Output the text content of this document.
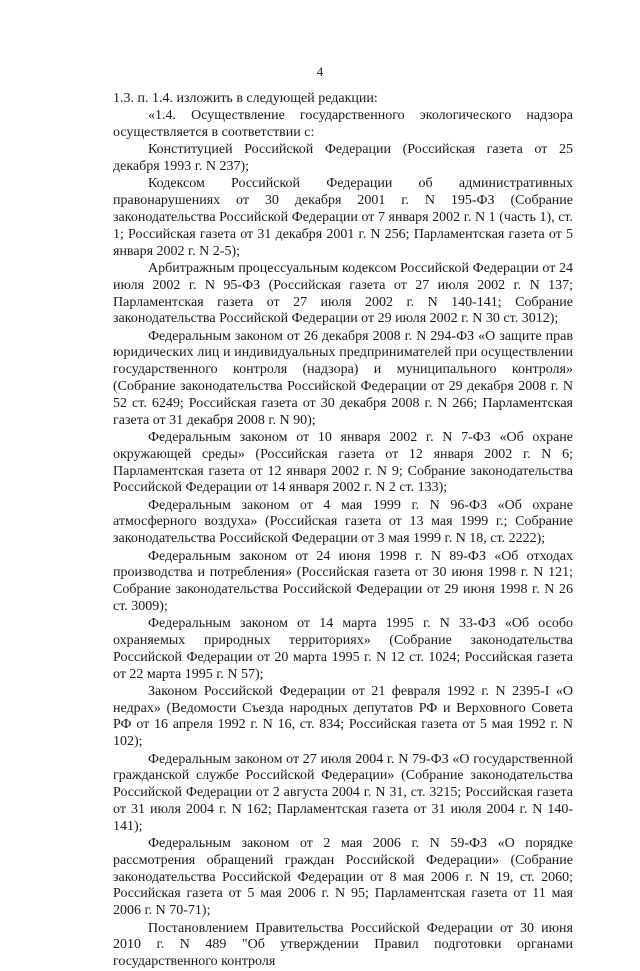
4

1.3. п. 1.4. изложить в следующей редакции:

«1.4. Осуществление государственного экологического надзора осуществляется в соответствии с:

Конституцией Российской Федерации (Российская газета от 25 декабря 1993 г. N 237);

Кодексом Российской Федерации об административных правонарушениях от 30 декабря 2001 г. N 195-ФЗ (Собрание законодательства Российской Федерации от 7 января 2002 г. N 1 (часть 1), ст. 1; Российская газета от 31 декабря 2001 г. N 256; Парламентская газета от 5 января 2002 г. N 2-5);

Арбитражным процессуальным кодексом Российской Федерации от 24 июля 2002 г. N 95-ФЗ (Российская газета от 27 июля 2002 г. N 137; Парламентская газета от 27 июля 2002 г. N 140-141; Собрание законодательства Российской Федерации от 29 июля 2002 г. N 30 ст. 3012);

Федеральным законом от 26 декабря 2008 г. N 294-ФЗ «О защите прав юридических лиц и индивидуальных предпринимателей при осуществлении государственного контроля (надзора) и муниципального контроля» (Собрание законодательства Российской Федерации от 29 декабря 2008 г. N 52 ст. 6249; Российская газета от 30 декабря 2008 г. N 266; Парламентская газета от 31 декабря 2008 г. N 90);

Федеральным законом от 10 января 2002 г. N 7-ФЗ «Об охране окружающей среды» (Российская газета от 12 января 2002 г. N 6; Парламентская газета от 12 января 2002 г. N 9; Собрание законодательства Российской Федерации от 14 января 2002 г. N 2 ст. 133);

Федеральным законом от 4 мая 1999 г. N 96-ФЗ «Об охране атмосферного воздуха» (Российская газета от 13 мая 1999 г.; Собрание законодательства Российской Федерации от 3 мая 1999 г. N 18, ст. 2222);

Федеральным законом от 24 июня 1998 г. N 89-ФЗ «Об отходах производства и потребления» (Российская газета от 30 июня 1998 г. N 121; Собрание законодательства Российской Федерации от 29 июня 1998 г. N 26 ст. 3009);

Федеральным законом от 14 марта 1995 г. N 33-ФЗ «Об особо охраняемых природных территориях» (Собрание законодательства Российской Федерации от 20 марта 1995 г. N 12 ст. 1024; Российская газета от 22 марта 1995 г. N 57);

Законом Российской Федерации от 21 февраля 1992 г. N 2395-I «О недрах» (Ведомости Съезда народных депутатов РФ и Верховного Совета РФ от 16 апреля 1992 г. N 16, ст. 834; Российская газета от 5 мая 1992 г. N 102);

Федеральным законом от 27 июля 2004 г. N 79-ФЗ «О государственной гражданской службе Российской Федерации» (Собрание законодательства Российской Федерации от 2 августа 2004 г. N 31, ст. 3215; Российская газета от 31 июля 2004 г. N 162; Парламентская газета от 31 июля 2004 г. N 140-141);

Федеральным законом от 2 мая 2006 г. N 59-ФЗ «О порядке рассмотрения обращений граждан Российской Федерации» (Собрание законодательства Российской Федерации от 8 мая 2006 г. N 19, ст. 2060; Российская газета от 5 мая 2006 г. N 95; Парламентская газета от 11 мая 2006 г. N 70-71);

Постановлением Правительства Российской Федерации от 30 июня 2010 г. N 489 "Об утверждении Правил подготовки органами государственного контроля
